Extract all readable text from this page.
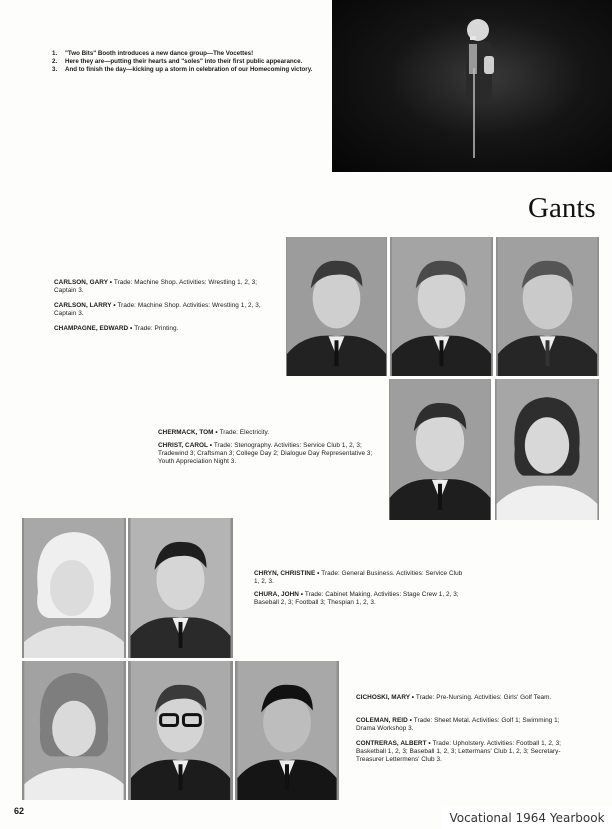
1.	"Two Bits" Booth introduces a new dance group—The Vocettes!
2.	Here they are—putting their hearts and "soles" into their first public appearance.
3.	And to finish the day—kicking up a storm in celebration of our Homecoming victory.
Gants
CARLSON, GARY • Trade: Machine Shop. Activities: Wrestling 1, 2, 3; Captain 3.
CARLSON, LARRY • Trade: Machine Shop. Activities: Wrestling 1, 2, 3, Captain 3.
CHAMPAGNE, EDWARD • Trade: Printing.
CHERMACK, TOM • Trade: Electricity.
CHRIST, CAROL • Trade: Stenography. Activities: Service Club 1, 2, 3; Tradewind 3; Craftsman 3; College Day 2; Dialogue Day Representative 3; Youth Appreciation Night 3.
CHRYN, CHRISTINE • Trade: General Business. Activities: Service Club 1, 2, 3.
CHURA, JOHN • Trade: Cabinet Making. Activities: Stage Crew 1, 2, 3; Baseball 2, 3; Football 3; Thespian 1, 2, 3.
CICHOSKI, MARY • Trade: Pre-Nursing. Activities: Girls' Golf Team.
COLEMAN, REID • Trade: Sheet Metal. Activities: Golf 1; Swimming 1; Drama Workshop 3.
CONTRERAS, ALBERT • Trade: Upholstery. Activities: Football 1, 2, 3; Basketball 1, 2, 3; Baseball 1, 2, 3; Lettermans' Club 1, 2, 3; Secretary-Treasurer Lettermens' Club 3.
62	Vocational 1964 Yearbook
